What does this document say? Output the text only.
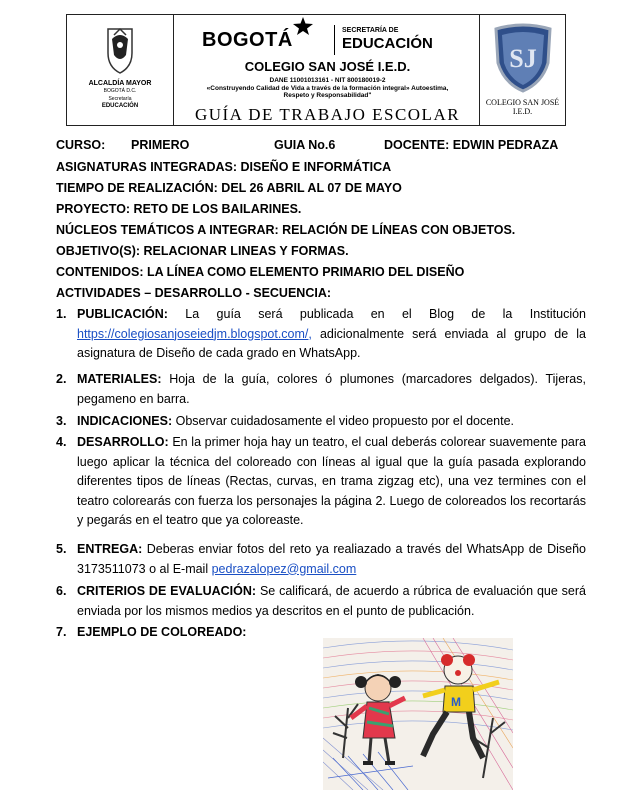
ALCALDÍA MAYOR
BOGOTÁ D.C.
Secretaría
EDUCACIÓN
BOGOTÁ	SECRETARÍA DE
EDUCACIÓN
COLEGIO SAN JOSÉ I.E.D.
DANE 11001013161 - NIT 800180019-2
«Construyendo Calidad de Vida a través de la formación integral» Autoestima,
Respeto y Responsabilidad"
GUÍA DE TRABAJO ESCOLAR
SJ
COLEGIO SAN JOSÉ
I.E.D.
CURSO: PRIMERO	GUIA No.6	DOCENTE: EDWIN PEDRAZA
ASIGNATURAS INTEGRADAS: DISEÑO E INFORMÁTICA
TIEMPO DE REALIZACIÓN: DEL 26 ABRIL AL 07 DE MAYO
PROYECTO: RETO DE LOS BAILARINES.
NÚCLEOS TEMÁTICOS A INTEGRAR: RELACIÓN DE LÍNEAS CON OBJETOS.
OBJETIVO(S): RELACIONAR LINEAS Y FORMAS.
CONTENIDOS: LA LÍNEA COMO ELEMENTO PRIMARIO DEL DISEÑO
ACTIVIDADES – DESARROLLO - SECUENCIA:
1. PUBLICACIÓN: La guía será publicada en el Blog de la Institución https://colegiosanjoseiedjm.blogspot.com/, adicionalmente será enviada al grupo de la asignatura de Diseño de cada grado en WhatsApp.
2. MATERIALES: Hoja de la guía, colores ó plumones (marcadores delgados). Tijeras, pegameno en barra.
3. INDICACIONES: Observar cuidadosamente el video propuesto por el docente.
4. DESARROLLO: En la primer hoja hay un teatro, el cual deberás colorear suavemente para luego aplicar la técnica del coloreado con líneas al igual que la guía pasada explorando diferentes tipos de líneas (Rectas, curvas, en trama zigzag etc), una vez termines con el teatro colorearás con fuerza los personajes la página 2. Luego de coloreados los recortarás y pegarás en el teatro que ya coloreaste.
5. ENTREGA: Deberas enviar fotos del reto ya realiazado a través del WhatsApp de Diseño 3173511073 o al E-mail pedrazalopez@gmail.com
6. CRITERIOS DE EVALUACIÓN: Se calificará, de acuerdo a rúbrica de evaluación que será enviada por los mismos medios ya descritos en el punto de publicación.
7. EJEMPLO DE COLOREADO:
M
